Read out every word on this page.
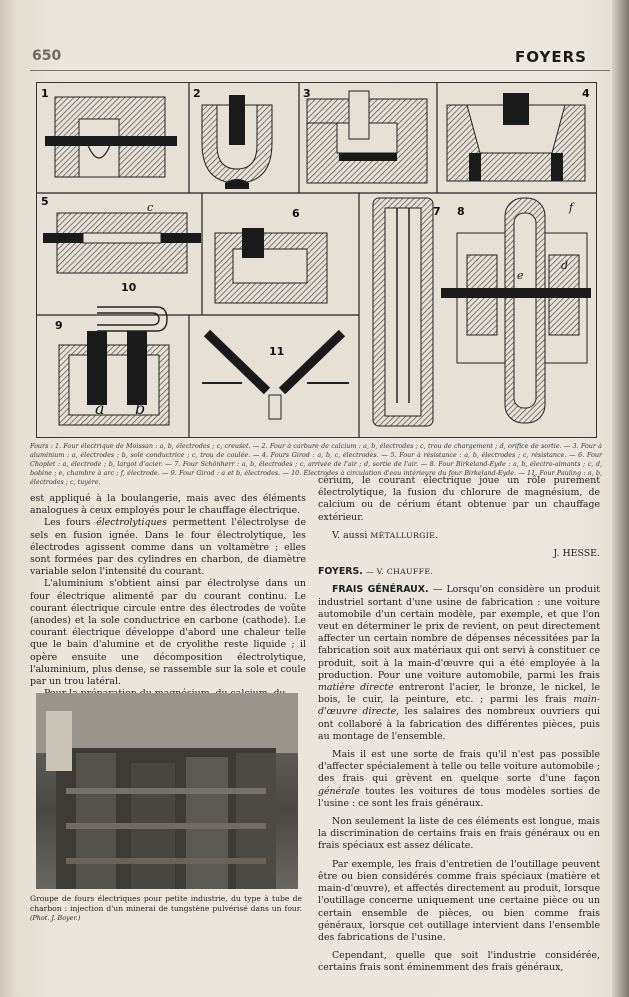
650	FOYERS
1	2	3	4
5
6	7 8
9
10
11
a b
c
d
e
f
Fours : 1. Four électrique de Moissan : a, b, électrodes ; c, creuset. — 2. Four à carbure de calcium : a, b, électrodes ; c, trou de chargement ; d, orifice de sortie. — 3. Four à aluminium : a, électrodes ; b, sole conductrice ; c, trou de coulée. — 4. Fours Girod : a, b, c, électrodes. — 5. Four à résistance : a, b, électrodes ; c, résistance. — 6. Four Choplet : a, électrode ; b, largot d'acier. — 7. Four Schönherr : a, b, électrodes ; c, arrivée de l'air ; d, sortie de l'air. — 8. Four Birkeland-Eyde : a, b, électro-aimants ; c, d, bobine ; e, chambre à arc ; f, électrode. — 9. Four Girod : a et b, électrodes. — 10. Électrodes à circulation d'eau intérieure du four Birkeland-Eyde. — 11. Four Pauling : a, b, électrodes ; c, tuyère.

est appliqué à la boulangerie, mais avec des éléments analogues à ceux employés pour le chauffage électrique.

Les fours électrolytiques permettent l'électrolyse de sels en fusion ignée. Dans le four électrolytique, les électrodes agissent comme dans un voltamètre ; elles sont formées par des cylindres en charbon, de diamètre variable selon l'intensité du courant.

L'aluminium s'obtient ainsi par électrolyse dans un four électrique alimenté par du courant continu. Le courant électrique circule entre des électrodes de voûte (anodes) et la sole conductrice en carbone (cathode). Le courant électrique développe d'abord une chaleur telle que le bain d'alumine et de cryolithe reste liquide ; il opère ensuite une décomposition électrolytique, l'aluminium, plus dense, se rassemble sur la sole et coule par un trou latéral.

Groupe de fours électriques pour petite industrie, du type à tube de charbon : injection d'un minerai de tungstène pulvérisé dans un four. (Phot. J. Boyer.)

cérium, le courant électrique joue un rôle purement électrolytique, la fusion du chlorure de magnésium, de calcium ou de cérium étant obtenue par un chauffage extérieur.

V. aussi MÉTALLURGIE.

J. HESSE.

FOYERS. — V. CHAUFFE.

FRAIS GÉNÉRAUX. — Lorsqu'on considère un produit industriel sortant d'une usine de fabrication : une voiture automobile d'un certain modèle, par exemple, et que l'on veut en déterminer le prix de revient, on peut directement affecter un certain nombre de dépenses nécessitées par la fabrication soit aux matériaux qui ont servi à constituer ce produit, soit à la main-d'œuvre qui a été employée à la production. Pour une voiture automobile, parmi les frais matière directe entreront l'acier, le bronze, le nickel, le bois, le cuir, la peinture, etc. ; parmi les frais main-d'œuvre directe, les salaires des nombreux ouvriers qui ont collaboré à la fabrication des différentes pièces, puis au montage de l'ensemble.

Mais il est une sorte de frais qu'il n'est pas possible d'affecter spécialement à telle ou telle voiture automobile ; des frais qui grèvent en quelque sorte d'une façon générale toutes les voitures de tous modèles sorties de l'usine : ce sont les frais généraux.

Non seulement la liste de ces éléments est longue, mais la discrimination de certains frais en frais généraux ou en frais spéciaux est assez délicate.

Par exemple, les frais d'entretien de l'outillage peuvent être ou bien considérés comme frais spéciaux (matière et main-d'œuvre), et affectés directement au produit, lorsque l'outillage concerne uniquement une certaine pièce ou un certain ensemble de pièces, ou bien comme frais généraux, lorsque cet outillage intervient dans l'ensemble des fabrications de l'usine.

Cependant, quelle que soit l'industrie considérée, certains frais sont éminemment des frais généraux,
